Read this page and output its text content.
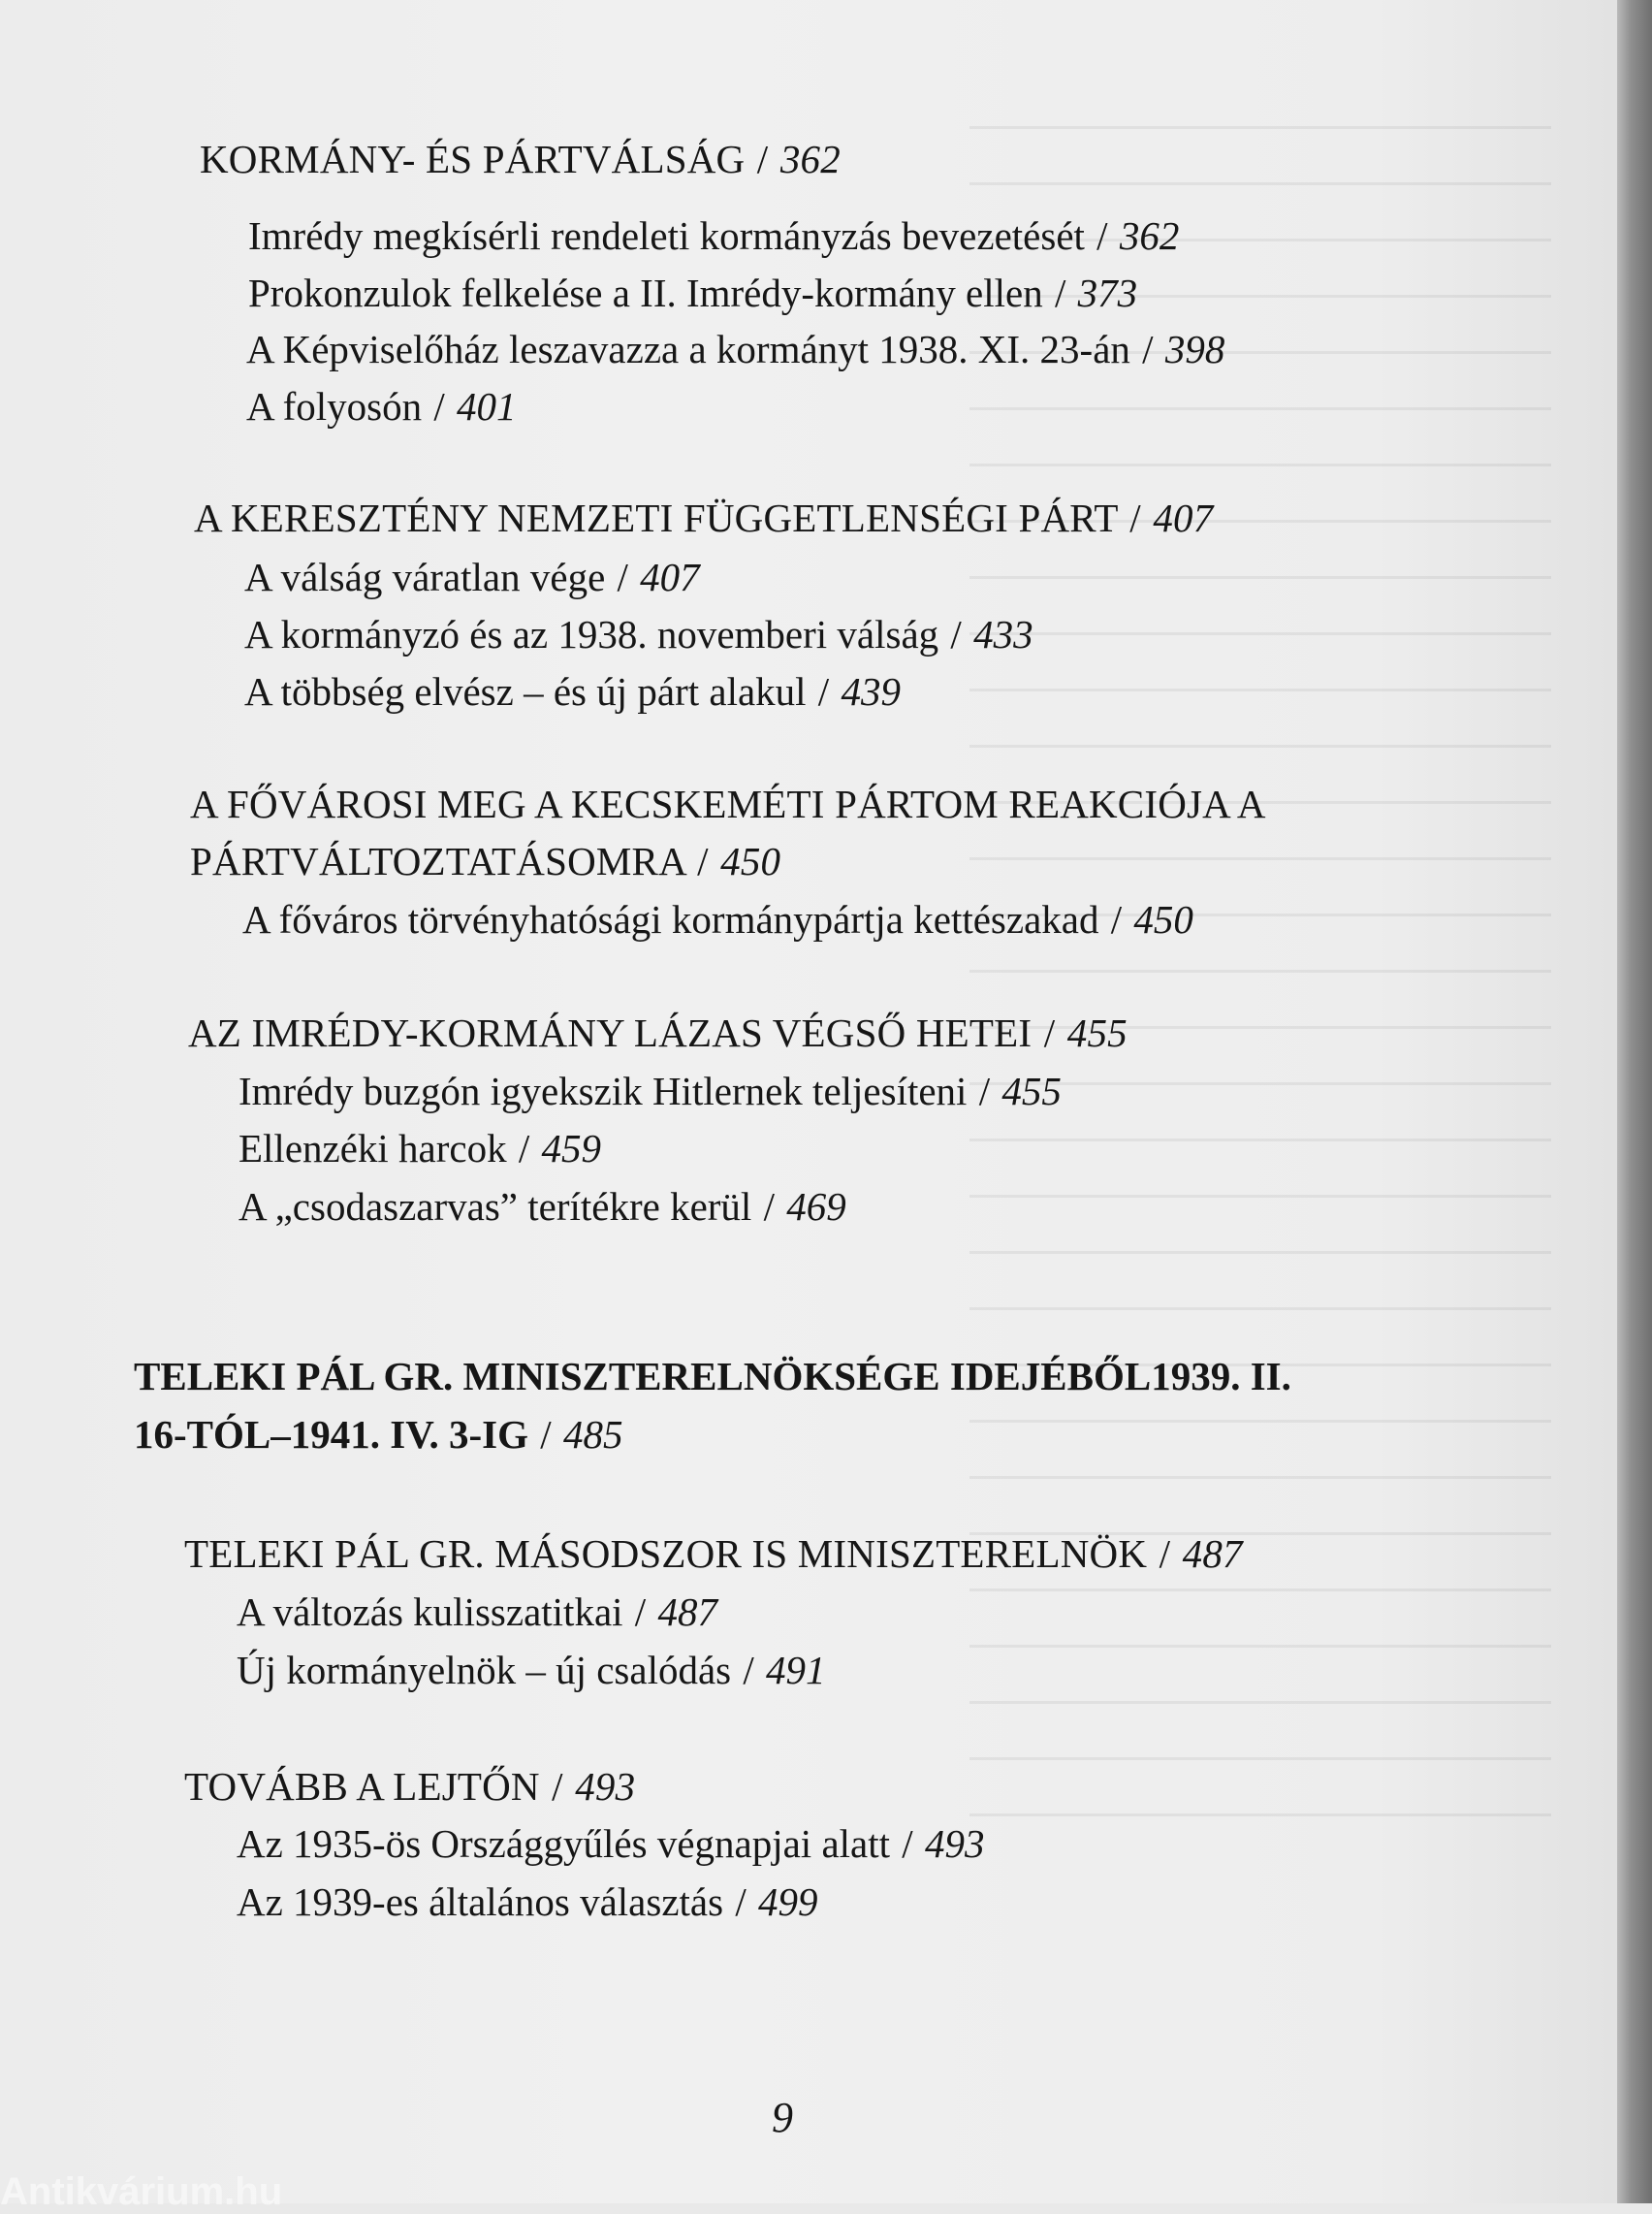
KORMÁNY- ÉS PÁRTVÁLSÁG / 362

Imrédy megkísérli rendeleti kormányzás bevezetését / 362

Prokonzulok felkelése a II. Imrédy-kormány ellen / 373

A Képviselőház leszavazza a kormányt 1938. XI. 23-án / 398

A folyosón / 401

A KERESZTÉNY NEMZETI FÜGGETLENSÉGI PÁRT / 407

A válság váratlan vége / 407

A kormányzó és az 1938. novemberi válság / 433

A többség elvész – és új párt alakul / 439

A FŐVÁROSI MEG A KECSKEMÉTI PÁRTOM REAKCIÓJA A

PÁRTVÁLTOZTATÁSOMRA / 450

A főváros törvényhatósági kormánypártja kettészakad / 450

AZ IMRÉDY-KORMÁNY LÁZAS VÉGSŐ HETEI / 455

Imrédy buzgón igyekszik Hitlernek teljesíteni / 455

Ellenzéki harcok / 459

A „csodaszarvas” terítékre kerül / 469

TELEKI PÁL GR. MINISZTERELNÖKSÉGE IDEJÉBŐL1939. II.

16-TÓL–1941. IV. 3-IG / 485

TELEKI PÁL GR. MÁSODSZOR IS MINISZTERELNÖK / 487

A változás kulisszatitkai / 487

Új kormányelnök – új csalódás / 491

TOVÁBB A LEJTŐN / 493

Az 1935-ös Országgyűlés végnapjai alatt / 493

Az 1939-es általános választás / 499

9
Antikvárium.hu
